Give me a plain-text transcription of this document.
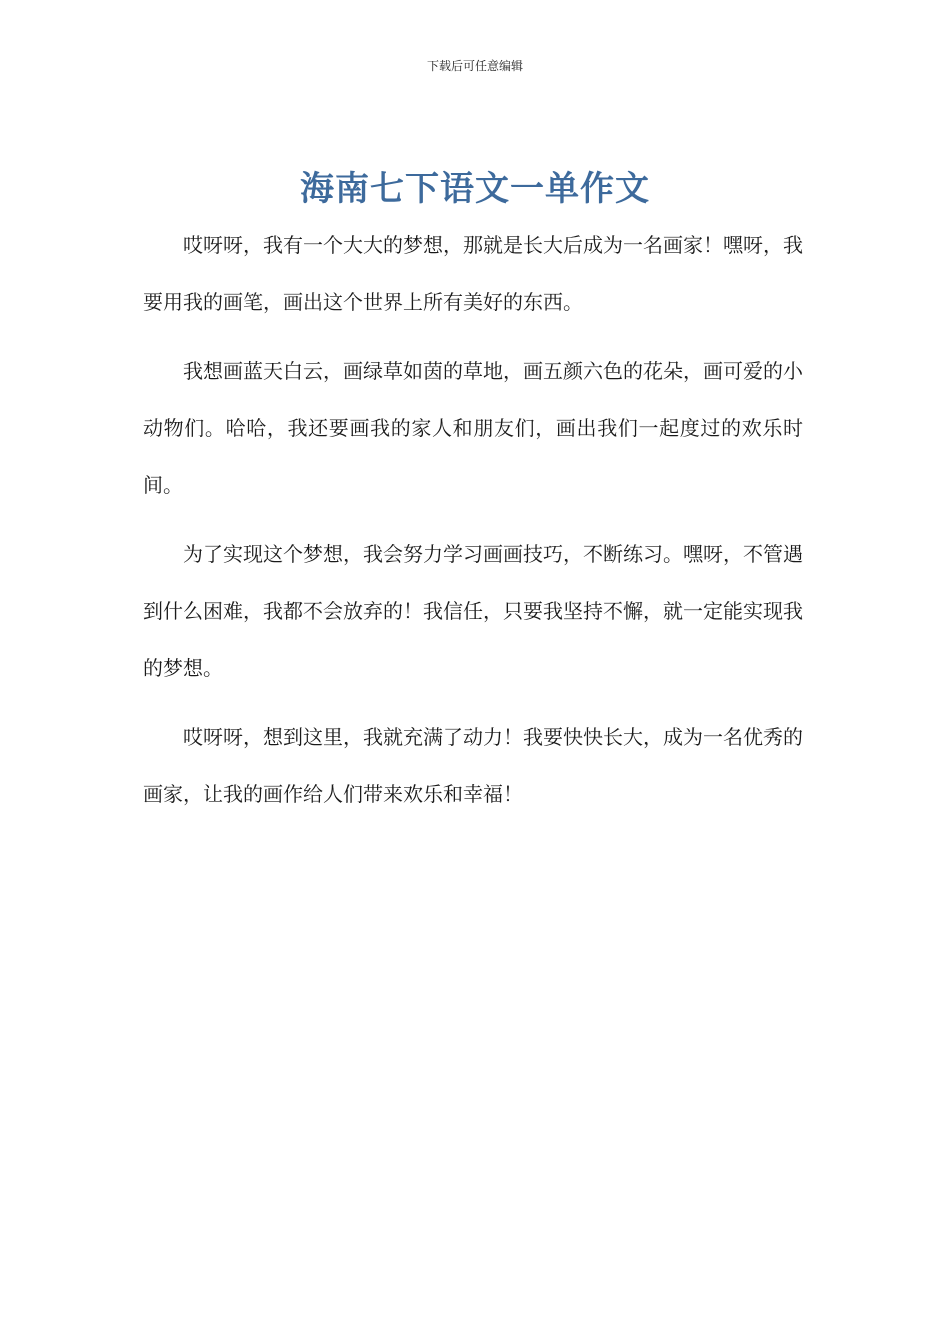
下载后可任意编辑
海南七下语文一单作文

哎呀呀，我有一个大大的梦想，那就是长大后成为一名画家！嘿呀，我要用我的画笔，画出这个世界上所有美好的东西。

我想画蓝天白云，画绿草如茵的草地，画五颜六色的花朵，画可爱的小动物们。哈哈，我还要画我的家人和朋友们，画出我们一起度过的欢乐时间。

为了实现这个梦想，我会努力学习画画技巧，不断练习。嘿呀，不管遇到什么困难，我都不会放弃的！我信任，只要我坚持不懈，就一定能实现我的梦想。

哎呀呀，想到这里，我就充满了动力！我要快快长大，成为一名优秀的画家，让我的画作给人们带来欢乐和幸福！
